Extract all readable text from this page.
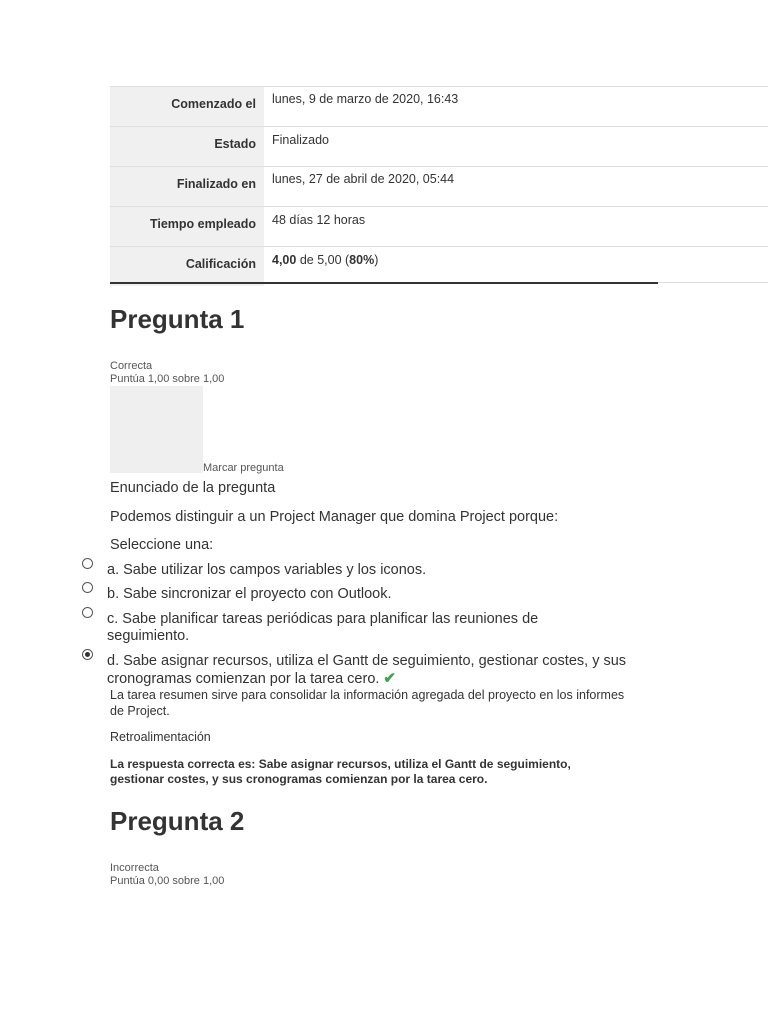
Comenzado el	lunes, 9 de marzo de 2020, 16:43
Estado	Finalizado
Finalizado en	lunes, 27 de abril de 2020, 05:44
Tiempo empleado	48 días 12 horas
Calificación	4,00 de 5,00 (80%)
Pregunta 1
Correcta
Puntúa 1,00 sobre 1,00
Marcar pregunta
Enunciado de la pregunta
Podemos distinguir a un Project Manager que domina Project porque:
Seleccione una:
a. Sabe utilizar los campos variables y los iconos.
b. Sabe sincronizar el proyecto con Outlook.
c. Sabe planificar tareas periódicas para planificar las reuniones de seguimiento.
d. Sabe asignar recursos, utiliza el Gantt de seguimiento, gestionar costes, y sus cronogramas comienzan por la tarea cero. ✔
La tarea resumen sirve para consolidar la información agregada del proyecto en los informes de Project.
Retroalimentación
La respuesta correcta es: Sabe asignar recursos, utiliza el Gantt de seguimiento, gestionar costes, y sus cronogramas comienzan por la tarea cero.
Pregunta 2
Incorrecta
Puntúa 0,00 sobre 1,00
